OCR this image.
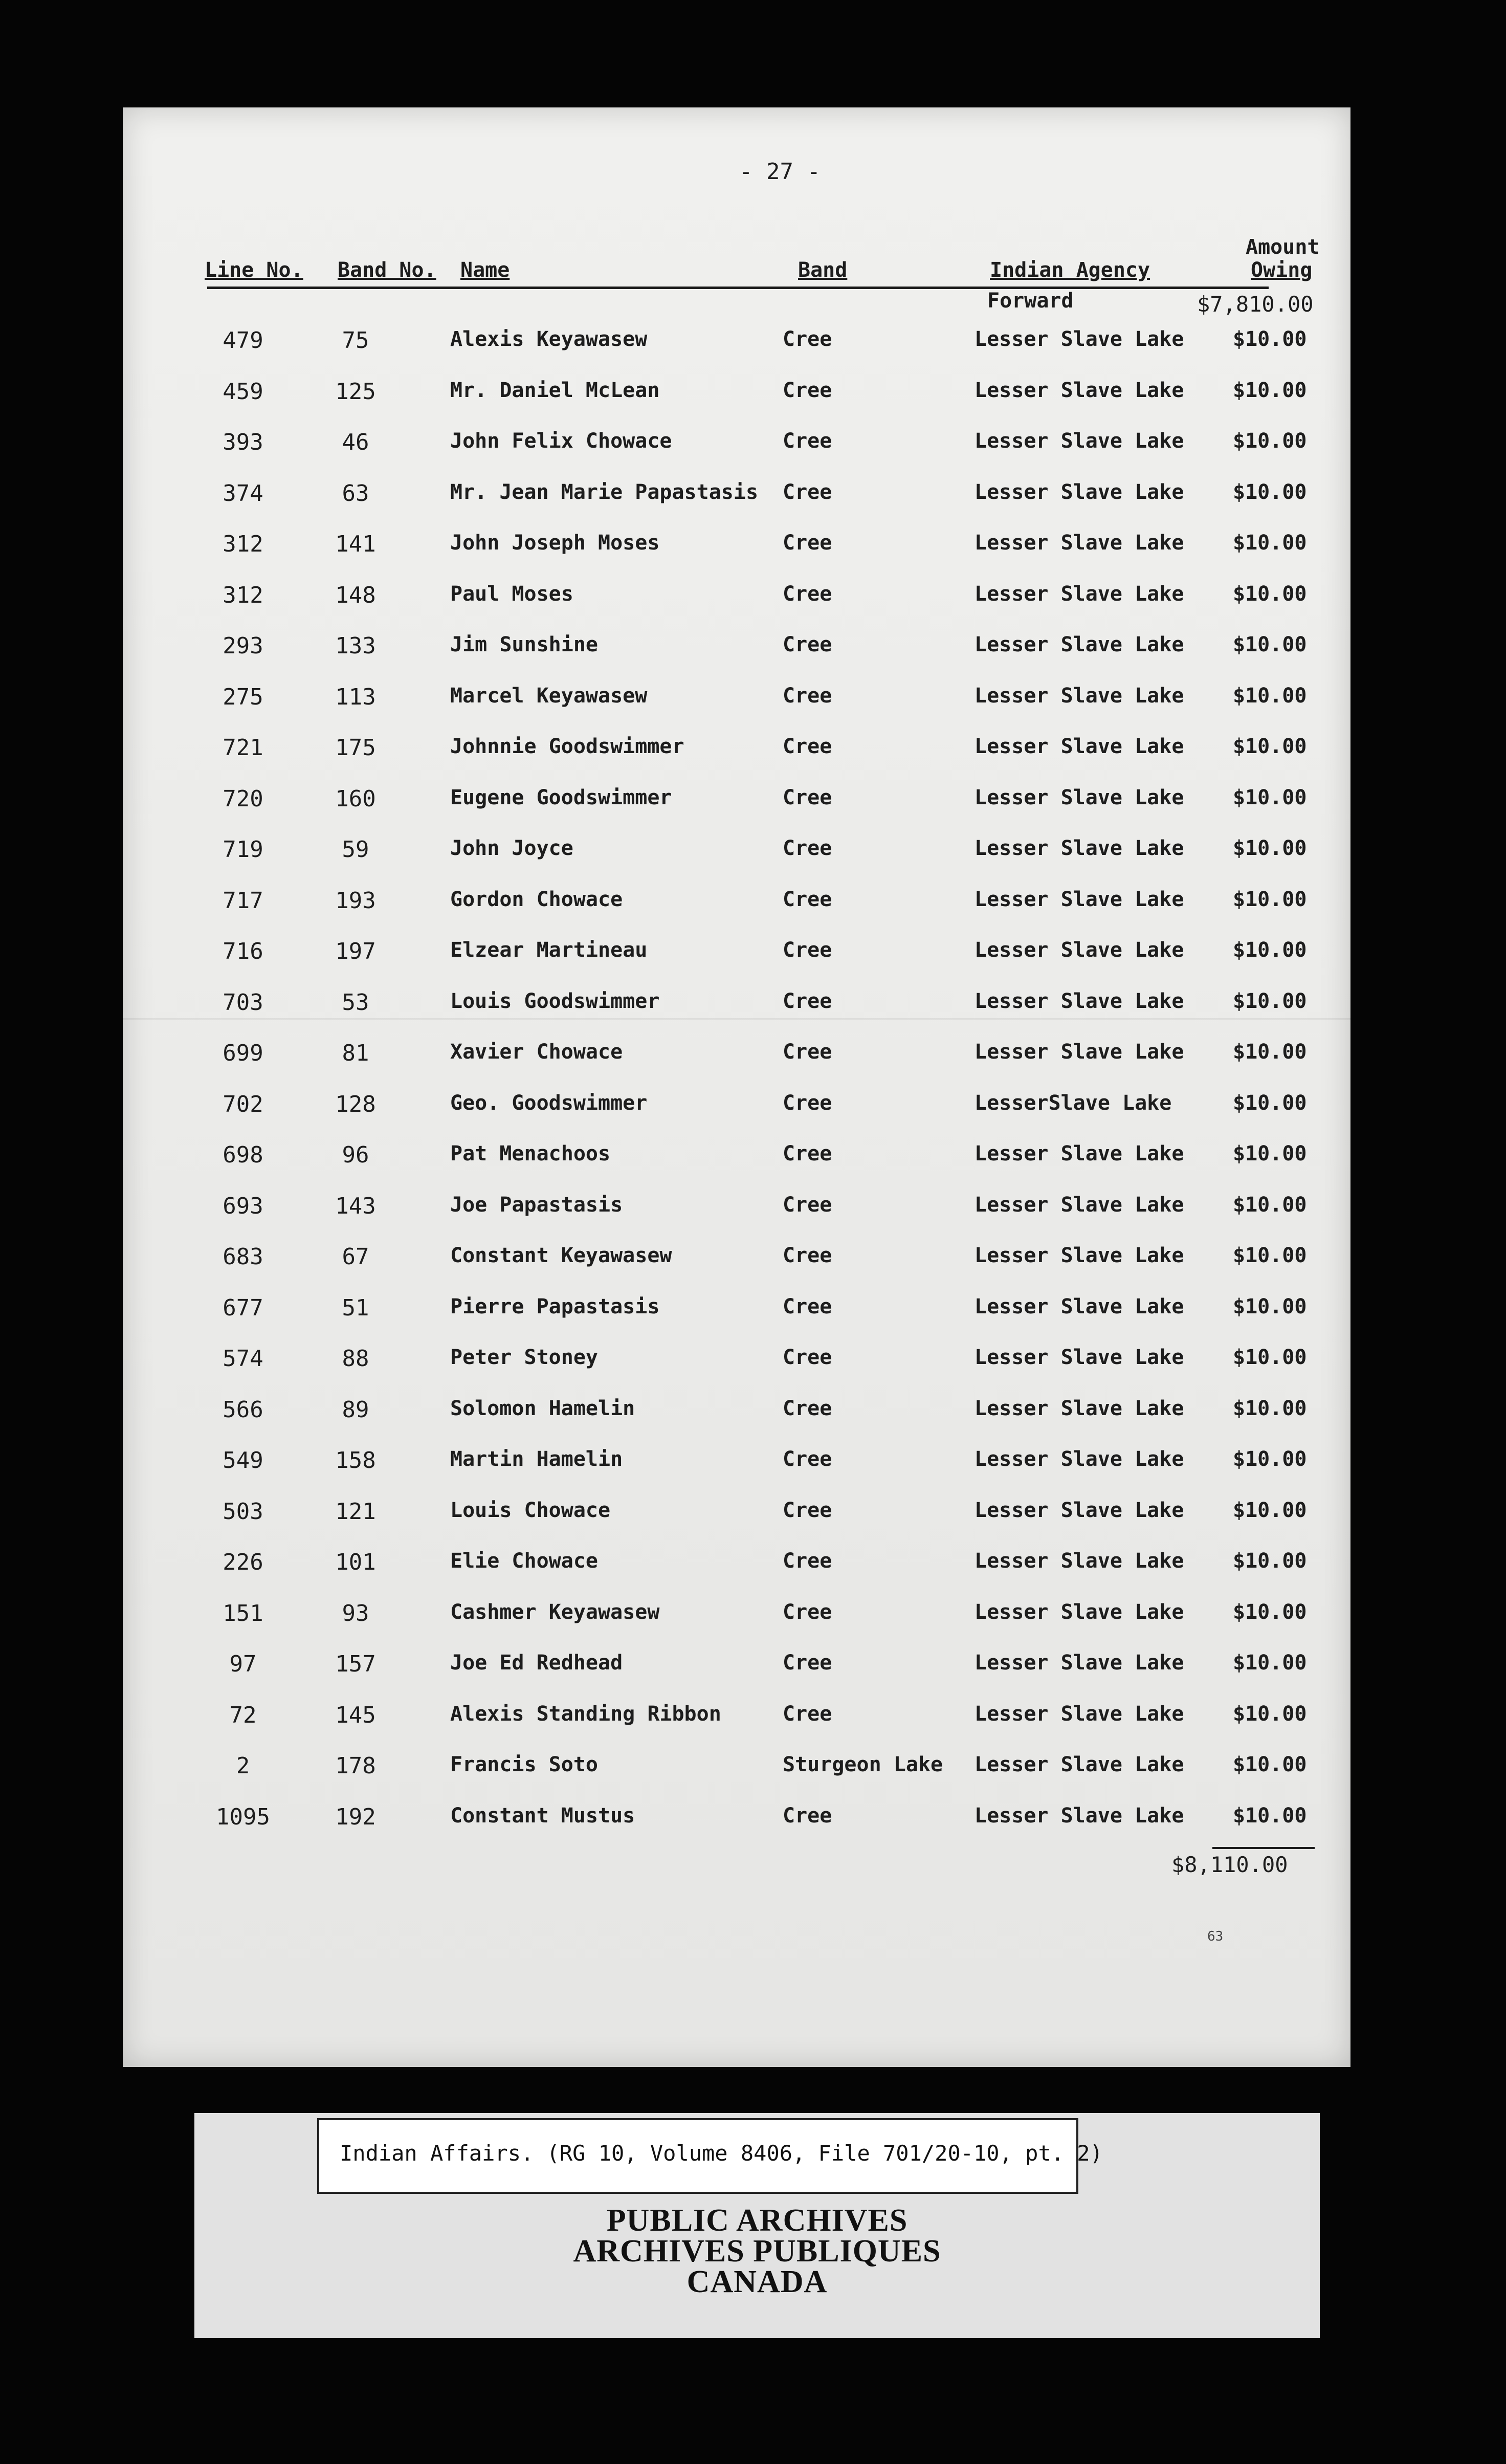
- 27 -
Line No. Band No. Name	Band	Indian Agency
Amount
Owing
Forward	$7,810.00
479	75	Alexis Keyawasew	Cree	Lesser Slave Lake $10.00
459	125	Mr. Daniel McLean	Cree	Lesser Slave Lake $10.00
393	46	John Felix Chowace	Cree	Lesser Slave Lake $10.00
374	63	Mr. Jean Marie Papastasis Cree	Lesser Slave Lake $10.00
312	141	John Joseph Moses	Cree	Lesser Slave Lake $10.00
312	148	Paul Moses	Cree	Lesser Slave Lake $10.00
293	133	Jim Sunshine	Cree	Lesser Slave Lake $10.00
275	113	Marcel Keyawasew	Cree	Lesser Slave Lake $10.00
721	175	Johnnie Goodswimmer	Cree	Lesser Slave Lake $10.00
720	160	Eugene Goodswimmer	Cree	Lesser Slave Lake $10.00
719	59	John Joyce	Cree	Lesser Slave Lake $10.00
717	193	Gordon Chowace	Cree	Lesser Slave Lake $10.00
716	197	Elzear Martineau	Cree	Lesser Slave Lake $10.00
703	53	Louis Goodswimmer	Cree	Lesser Slave Lake $10.00
699	81	Xavier Chowace	Cree	Lesser Slave Lake $10.00
702	128	Geo. Goodswimmer	Cree	LesserSlave Lake	$10.00
698	96	Pat Menachoos	Cree	Lesser Slave Lake $10.00
693	143	Joe Papastasis	Cree	Lesser Slave Lake $10.00
683	67	Constant Keyawasew	Cree	Lesser Slave Lake $10.00
677	51	Pierre Papastasis	Cree	Lesser Slave Lake $10.00
574	88	Peter Stoney	Cree	Lesser Slave Lake $10.00
566	89	Solomon Hamelin	Cree	Lesser Slave Lake $10.00
549	158	Martin Hamelin	Cree	Lesser Slave Lake $10.00
503	121	Louis Chowace	Cree	Lesser Slave Lake $10.00
226	101	Elie Chowace	Cree	Lesser Slave Lake $10.00
151	93	Cashmer Keyawasew	Cree	Lesser Slave Lake $10.00
97	157	Joe Ed Redhead	Cree	Lesser Slave Lake $10.00
72	145	Alexis Standing Ribbon	Cree	Lesser Slave Lake $10.00
2	178	Francis Soto	Sturgeon Lake Lesser Slave Lake $10.00
1095	192	Constant Mustus	Cree	Lesser Slave Lake $10.00
$8,110.00
63
Indian Affairs. (RG 10, Volume 8406, File 701/20-10, pt. 2)
PUBLIC ARCHIVES
ARCHIVES PUBLIQUES
CANADA
